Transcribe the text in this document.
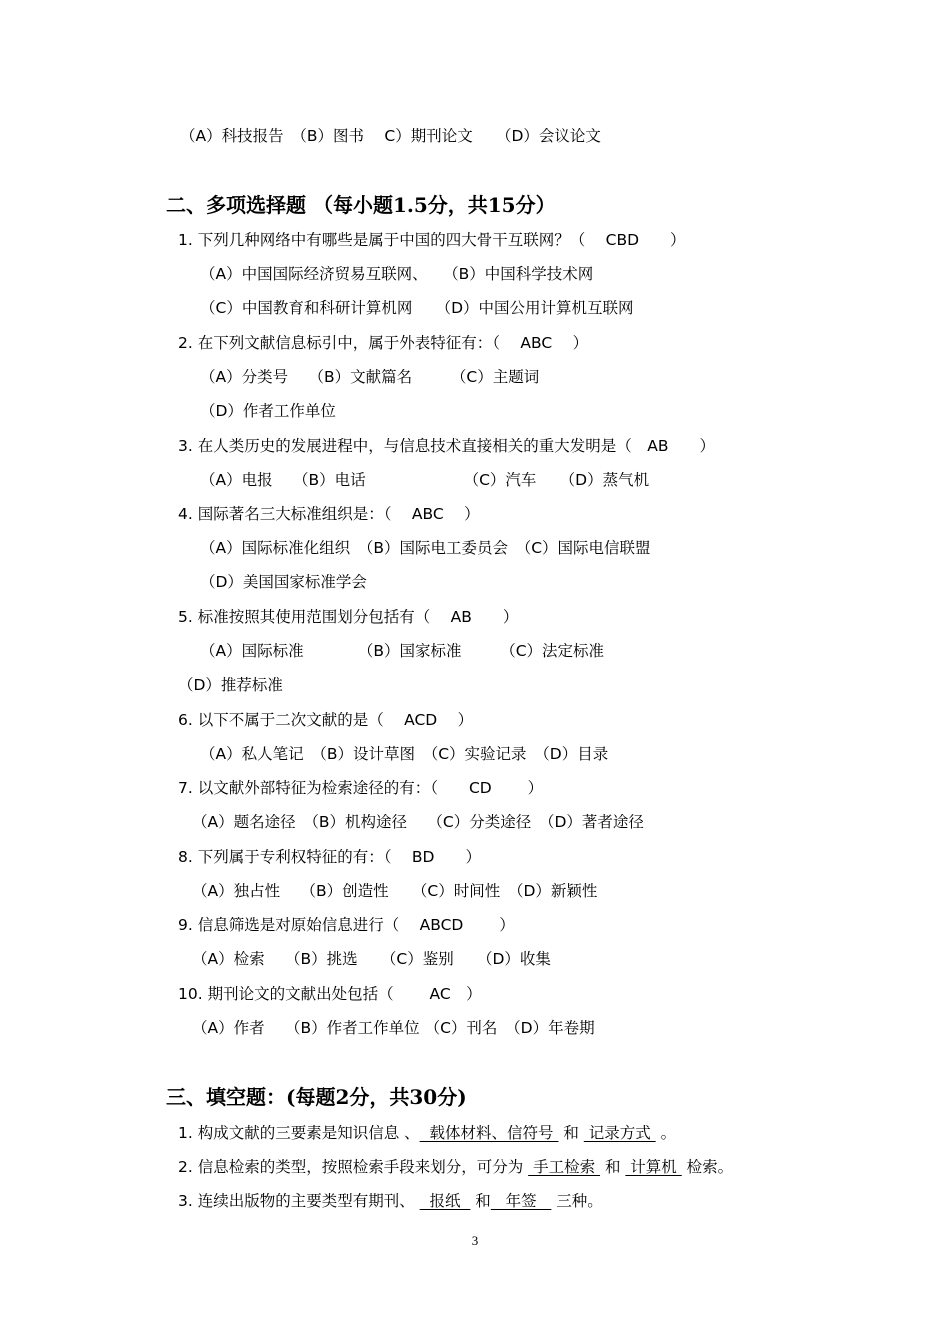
（A）科技报告　（B）图书　 C）期刊论文　　（D）会议论文
二、多项选择题 （每小题1.5分，共15分）
1. 下列几种网络中有哪些是属于中国的四大骨干互联网？（　 CBD　　）
（A）中国国际经济贸易互联网、　　（B）中国科学技术网
（C）中国教育和科研计算机网　　（D）中国公用计算机互联网
2. 在下列文献信息标引中，属于外表特征有：（　 ABC　 ）
（A）分类号　 （B）文献篇名　　　（C）主题词
（D）作者工作单位
3. 在人类历史的发展进程中，与信息技术直接相关的重大发明是（　AB　　）
（A）电报　 （B）电话　　　　　　 （C）汽车　　（D）蒸气机
4. 国际著名三大标准组织是：（　 ABC　 ）
（A）国际标准化组织　（B）国际电工委员会　（C）国际电信联盟
（D）美国国家标准学会
5. 标准按照其使用范围划分包括有（　 AB　　）
（A）国际标准　　　　（B）国家标准　　　（C）法定标准
（D）推荐标准
6. 以下不属于二次文献的是（　 ACD　 ）
（A）私人笔记　（B）设计草图　（C）实验记录　（D）目录
7. 以文献外部特征为检索途径的有：（　　CD　　 ）
（A）题名途径　（B）机构途径　 （C）分类途径　（D）著者途径
8. 下列属于专利权特征的有：（　 BD　　）
（A）独占性　 （B）创造性　　（C）时间性　（D）新颖性
9. 信息筛选是对原始信息进行（　 ABCD　　 ）
（A）检索　 （B）挑选　　（C）鉴别　　（D）收集
10. 期刊论文的文献出处包括（　　 AC　）
（A）作者　 （B）作者工作单位 （C）刊名　（D）年卷期
三、填空题：(每题2分，共30分)
1. 构成文献的三要素是知识信息 、  载体材料、信符号  和  记录方式  。
2. 信息检索的类型，按照检索手段来划分，可分为  手工检索  和  计算机  检索。
3. 连续出版物的主要类型有期刊、   报纸   和   年签    三种。
3
